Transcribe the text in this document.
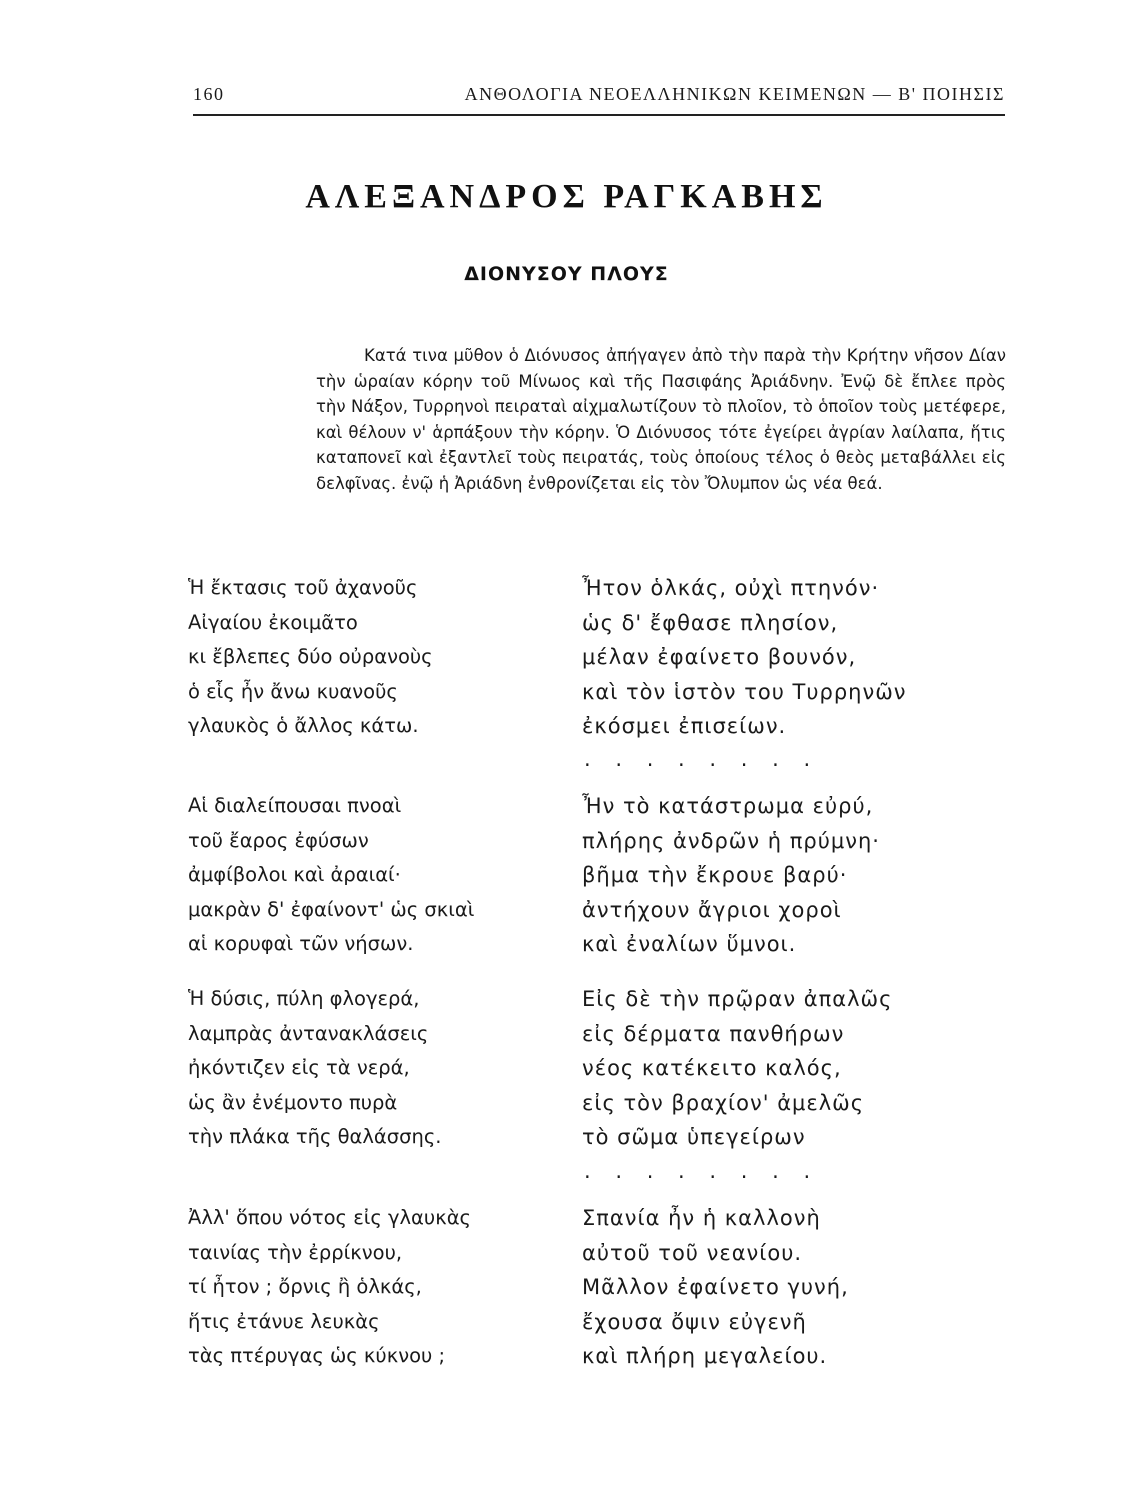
160	ΑΝΘΟΛΟΓΙΑ ΝΕΟΕΛΛΗΝΙΚΩΝ ΚΕΙΜΕΝΩΝ — Β' ΠΟΙΗΣΙΣ
ΑΛΕΞΑΝΔΡΟΣ ΡΑΓΚΑΒΗΣ
ΔΙΟΝΥΣΟΥ ΠΛΟΥΣ
Κατά τινα μῦθον ὁ Διόνυσος ἀπήγαγεν ἀπὸ τὴν παρὰ τὴν Κρήτην νῆσον Δίαν τὴν ὡραίαν κόρην τοῦ Μίνωος καὶ τῆς Πασιφάης Ἀριάδνην. Ἐνῷ δὲ ἔπλεε πρὸς τὴν Νάξον, Τυρρηνοὶ πειραταὶ αἰχμαλωτίζουν τὸ πλοῖον, τὸ ὁποῖον τοὺς μετέφερε, καὶ θέλουν ν' ἁρπάξουν τὴν κόρην. Ὁ Διόνυσος τότε ἐγείρει ἀγρίαν λαίλαπα, ἥτις καταπονεῖ καὶ ἐξαντλεῖ τοὺς πειρατάς, τοὺς ὁποίους τέλος ὁ θεὸς μεταβάλλει εἰς δελφῖνας. ἐνῷ ἡ Ἀριάδνη ἐνθρονίζεται εἰς τὸν Ὄλυμπον ὡς νέα θεά.
Ἡ ἔκτασις τοῦ ἀχανοῦς
Αἰγαίου ἐκοιμᾶτο
κι ἔβλεπες δύο οὐρανοὺς
ὁ εἷς ἦν ἄνω κυανοῦς
γλαυκὸς ὁ ἄλλος κάτω.
Αἱ διαλείπουσαι πνοαὶ
τοῦ ἔαρος ἐφύσων
ἀμφίβολοι καὶ ἀραιαί·
μακρὰν δ' ἐφαίνοντ' ὡς σκιαὶ
αἱ κορυφαὶ τῶν νήσων.
Ἡ δύσις, πύλη φλογερά,
λαμπρὰς ἀντανακλάσεις
ἠκόντιζεν εἰς τὰ νερά,
ὡς ἂν ἐνέμοντο πυρὰ
τὴν πλάκα τῆς θαλάσσης.
Ἀλλ' ὅπου νότος εἰς γλαυκὰς
ταινίας τὴν ἐρρίκνου,
τί ἦτον ; ὄρνις ἢ ὁλκάς,
ἥτις ἐτάνυε λευκὰς
τὰς πτέρυγας ὡς κύκνου ;
Ἦτον ὁλκάς, οὐχὶ πτηνόν·
ὡς δ' ἔφθασε πλησίον,
μέλαν ἐφαίνετο βουνόν,
καὶ τὸν ἱστὸν του Τυρρηνῶν
ἐκόσμει ἐπισείων.
. . . . . . . .
Ἦν τὸ κατάστρωμα εὐρύ,
πλήρης ἀνδρῶν ἡ πρύμνη·
βῆμα τὴν ἔκρουε βαρύ·
ἀντήχουν ἄγριοι χοροὶ
καὶ ἐναλίων ὕμνοι.
Εἰς δὲ τὴν πρῷραν ἀπαλῶς
εἰς δέρματα πανθήρων
νέος κατέκειτο καλός,
εἰς τὸν βραχίον' ἀμελῶς
τὸ σῶμα ὑπεγείρων
. . . . . . . .
Σπανία ἦν ἡ καλλονὴ
αὐτοῦ τοῦ νεανίου.
Μᾶλλον ἐφαίνετο γυνή,
ἔχουσα ὄψιν εὐγενῆ
καὶ πλήρη μεγαλείου.
